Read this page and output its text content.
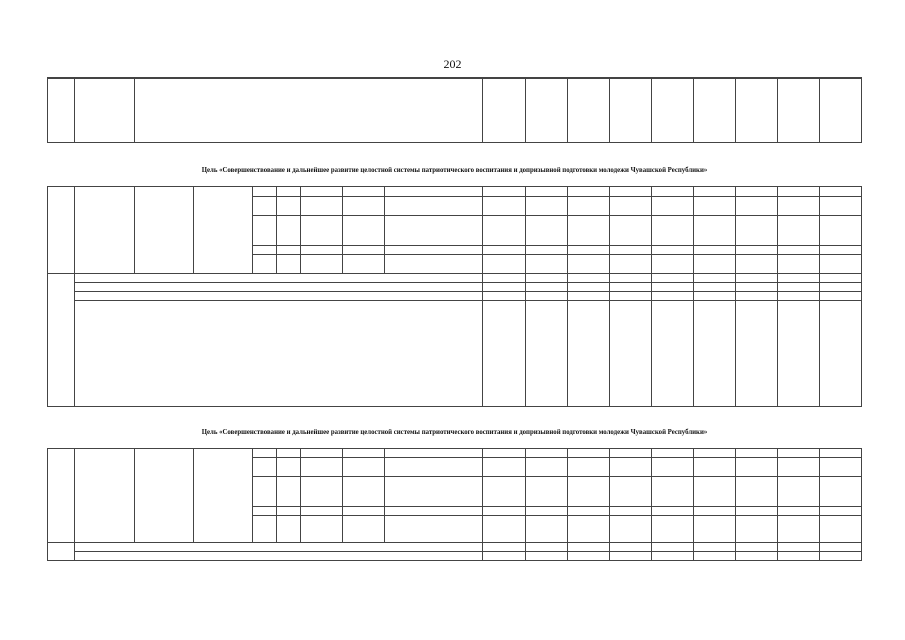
202

Цель «Совершенствование и дальнейшее развитие целостной системы патриотического воспитания и допризывной подготовки молодежи Чувашской Республики»
Цель «Совершенствование и дальнейшее развитие целостной системы патриотического воспитания и допризывной подготовки молодежи Чувашской Республики»
